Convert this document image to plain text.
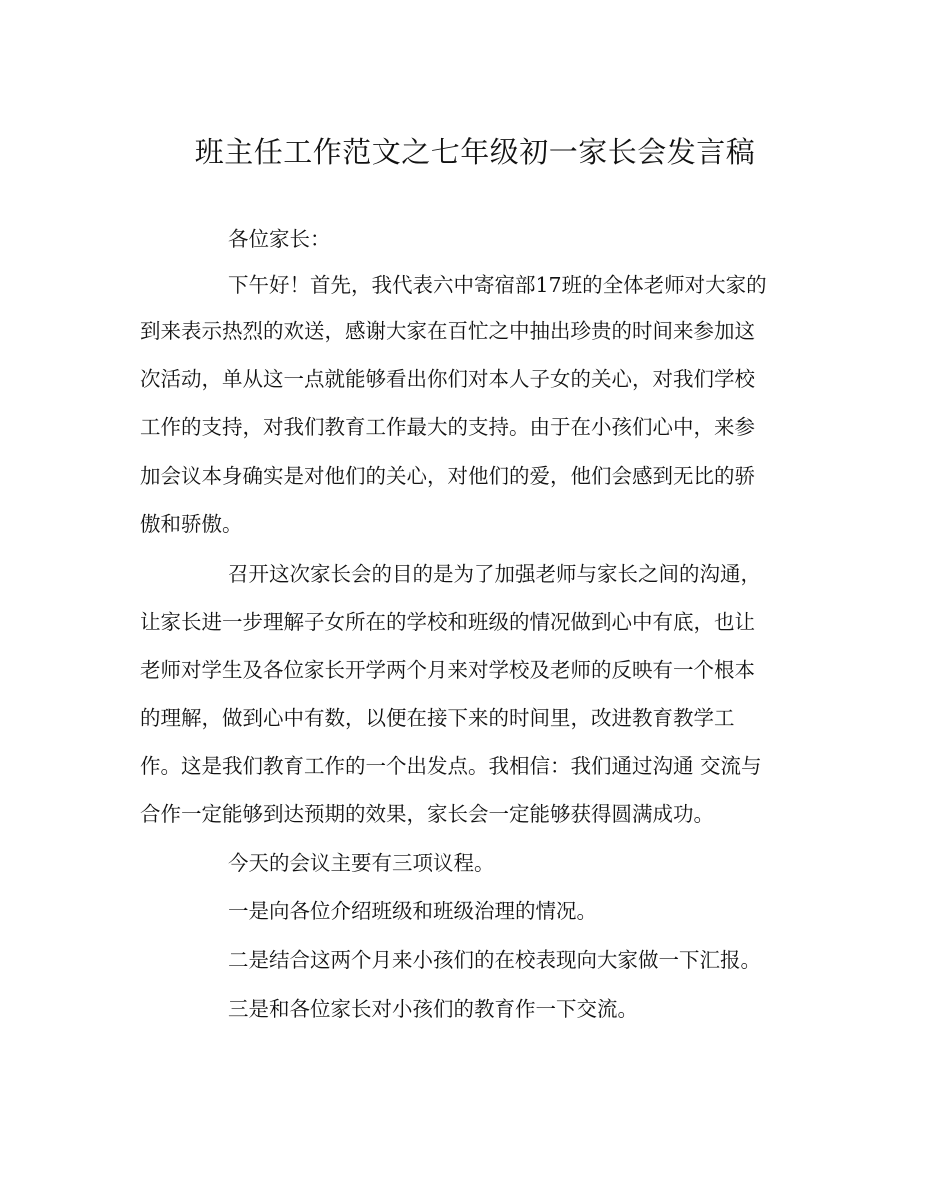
班主任工作范文之七年级初一家长会发言稿

各位家长：

下午好！首先，我代表六中寄宿部17班的全体老师对大家的

到来表示热烈的欢送，感谢大家在百忙之中抽出珍贵的时间来参加这

次活动，单从这一点就能够看出你们对本人子女的关心，对我们学校

工作的支持，对我们教育工作最大的支持。由于在小孩们心中，来参

加会议本身确实是对他们的关心，对他们的爱，他们会感到无比的骄

傲和骄傲。

召开这次家长会的目的是为了加强老师与家长之间的沟通，

让家长进一步理解子女所在的学校和班级的情况做到心中有底，也让

老师对学生及各位家长开学两个月来对学校及老师的反映有一个根本

的理解，做到心中有数，以便在接下来的时间里，改进教育教学工

作。这是我们教育工作的一个出发点。我相信：我们通过沟通 交流与

合作一定能够到达预期的效果，家长会一定能够获得圆满成功。

今天的会议主要有三项议程。

一是向各位介绍班级和班级治理的情况。

二是结合这两个月来小孩们的在校表现向大家做一下汇报。

三是和各位家长对小孩们的教育作一下交流。
